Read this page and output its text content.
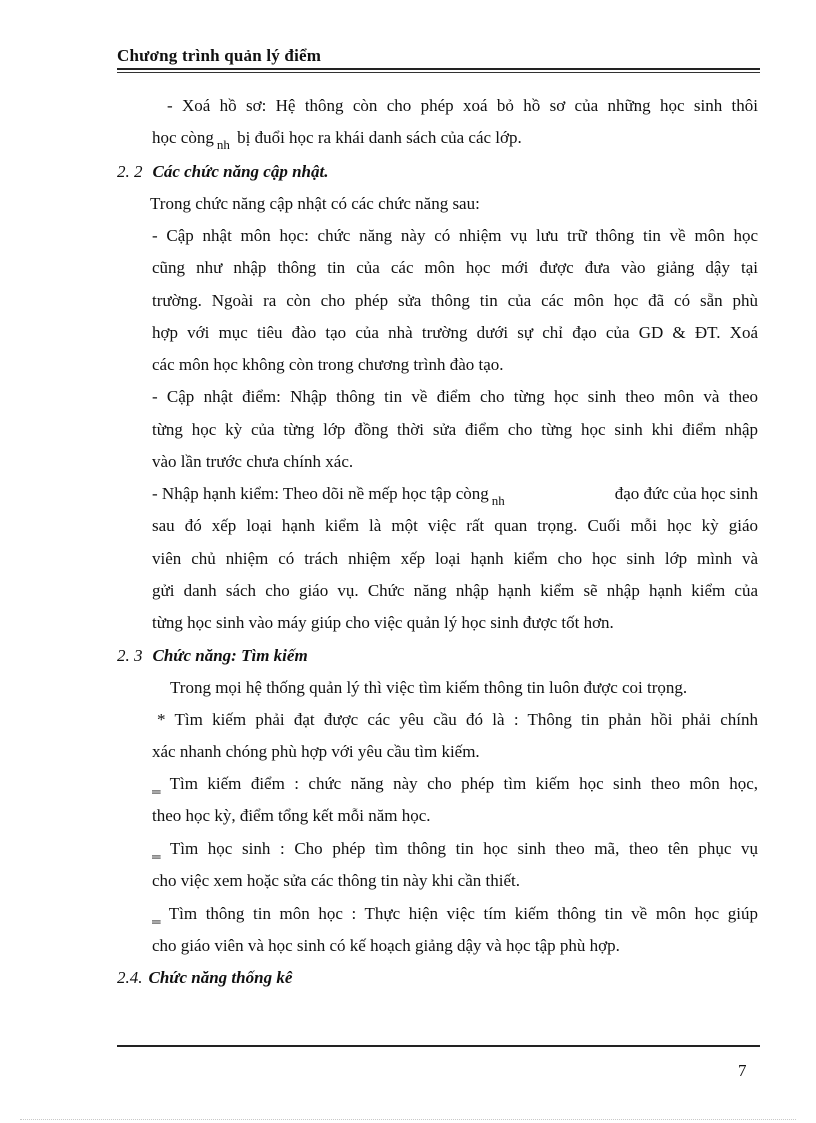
Chương trình quản lý điểm
- Xoá hồ sơ: Hệ thông còn cho phép xoá bỏ hồ sơ của những học sinh thôi
học còng $_{nh}$ bị đuổi học ra khái danh sách của các lớp.
2. 2 Các chức năng cập nhật.
Trong chức năng cập nhật có các chức năng sau:
- Cập nhật môn học: chức năng này có nhiệm vụ lưu trữ thông tin về môn học
cũng như nhập thông tin của các môn học mới được đưa vào giảng dậy tại
trường. Ngoài ra còn cho phép sửa thông tin của các môn học đã có sẵn phù
hợp với mục tiêu đào tạo của nhà trường dưới sự chỉ đạo của GD & ĐT. Xoá
các môn học không còn trong chương trình đào tạo.
- Cập nhật điểm: Nhập thông tin về điểm cho từng học sinh theo môn và theo
từng học kỳ của từng lớp đồng thời sửa điểm cho từng học sinh khi điểm nhập
vào lần trước chưa chính xác.
- Nhập hạnh kiểm: Theo dõi nề mếp học tập còng $_{nh}$	đạo đức của học sinh
sau đó xếp loại hạnh kiểm là một việc rất quan trọng. Cuối mỗi học kỳ giáo
viên chủ nhiệm có trách nhiệm xếp loại hạnh kiểm cho học sinh lớp mình và
gửi danh sách cho giáo vụ. Chức năng nhập hạnh kiểm sẽ nhập hạnh kiểm của
từng học sinh vào máy giúp cho việc quản lý học sinh được tốt hơn.
2. 3 Chức năng: Tìm kiếm
Trong mọi hệ thống quản lý thì việc tìm kiếm thông tin luôn được coi trọng.
* Tìm kiếm phải đạt được các yêu cầu đó là : Thông tin phản hồi phải chính
xác nhanh chóng phù hợp với yêu cầu tìm kiếm.
‗ Tìm kiếm điểm : chức năng này cho phép tìm kiếm học sinh theo môn học,
theo học kỳ, điểm tổng kết mỗi năm học.
‗ Tìm học sinh : Cho phép tìm thông tin học sinh theo mã, theo tên phục vụ
cho việc xem hoặc sửa các thông tin này khi cần thiết.
‗ Tìm thông tin môn học : Thực hiện việc tím kiếm thông tin về môn học giúp
cho giáo viên và học sinh có kế hoạch giảng dậy và học tập phù hợp.
2.4. Chức năng thống kê
7
